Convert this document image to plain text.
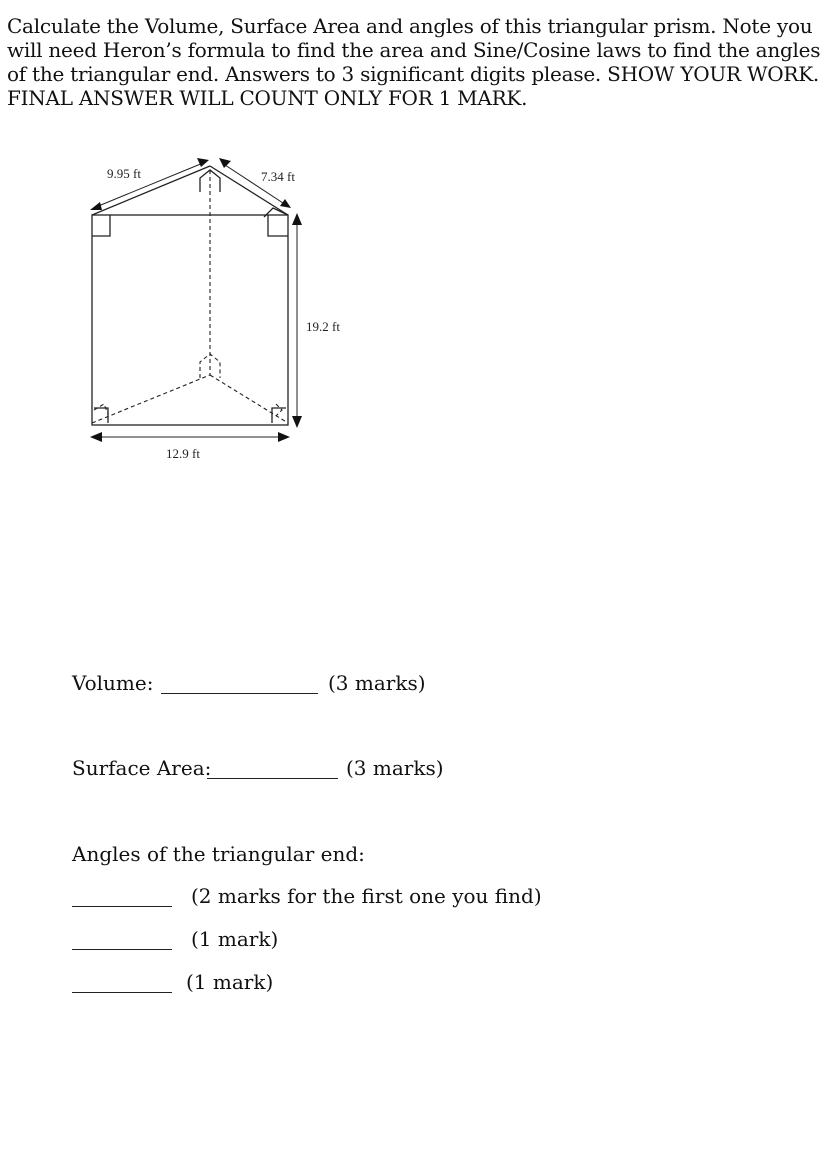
Calculate the Volume, Surface Area and angles of this triangular prism. Note you will need Heron’s formula to find the area and Sine/Cosine laws to find the angles of the triangular end. Answers to 3 significant digits please. SHOW YOUR WORK. FINAL ANSWER WILL COUNT ONLY FOR 1 MARK.

9.95 ft	7.34 ft
19.2 ft
12.9 ft
Volume:	(3 marks)
Surface Area:	(3 marks)
Angles of the triangular end:
(2 marks for the first one you find)
(1 mark)
(1 mark)
